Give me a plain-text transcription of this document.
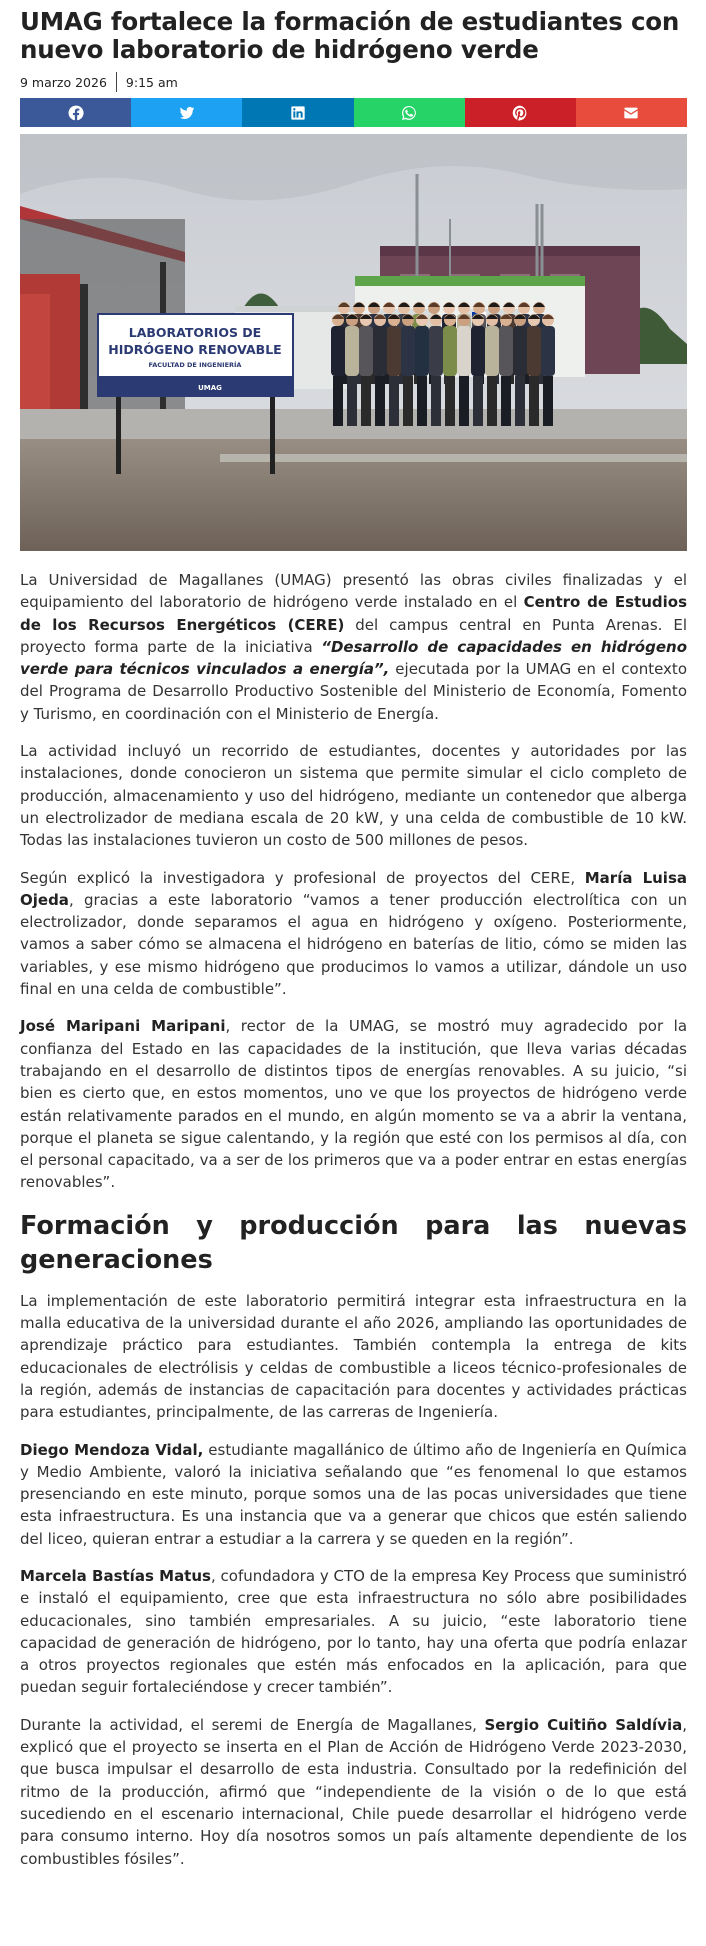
UMAG fortalece la formación de estudiantes con nuevo laboratorio de hidrógeno verde
9 marzo 2026 9:15 am
LABORATORIOS DE
HIDRÓGENO RENOVABLE
FACULTAD DE INGENIERÍA
UMAG

La Universidad de Magallanes (UMAG) presentó las obras civiles finalizadas y el equipamiento del laboratorio de hidrógeno verde instalado en el Centro de Estudios de los Recursos Energéticos (CERE) del campus central en Punta Arenas. El proyecto forma parte de la iniciativa “Desarrollo de capacidades en hidrógeno verde para técnicos vinculados a energía”, ejecutada por la UMAG en el contexto del Programa de Desarrollo Productivo Sostenible del Ministerio de Economía, Fomento y Turismo, en coordinación con el Ministerio de Energía.

La actividad incluyó un recorrido de estudiantes, docentes y autoridades por las instalaciones, donde conocieron un sistema que permite simular el ciclo completo de producción, almacenamiento y uso del hidrógeno, mediante un contenedor que alberga un electrolizador de mediana escala de 20 kW, y una celda de combustible de 10 kW. Todas las instalaciones tuvieron un costo de 500 millones de pesos.

Según explicó la investigadora y profesional de proyectos del CERE, María Luisa Ojeda, gracias a este laboratorio “vamos a tener producción electrolítica con un electrolizador, donde separamos el agua en hidrógeno y oxígeno. Posteriormente, vamos a saber cómo se almacena el hidrógeno en baterías de litio, cómo se miden las variables, y ese mismo hidrógeno que producimos lo vamos a utilizar, dándole un uso final en una celda de combustible”.

José Maripani Maripani, rector de la UMAG, se mostró muy agradecido por la confianza del Estado en las capacidades de la institución, que lleva varias décadas trabajando en el desarrollo de distintos tipos de energías renovables. A su juicio, “si bien es cierto que, en estos momentos, uno ve que los proyectos de hidrógeno verde están relativamente parados en el mundo, en algún momento se va a abrir la ventana, porque el planeta se sigue calentando, y la región que esté con los permisos al día, con el personal capacitado, va a ser de los primeros que va a poder entrar en estas energías renovables”.

Formación y producción para las nuevas generaciones

La implementación de este laboratorio permitirá integrar esta infraestructura en la malla educativa de la universidad durante el año 2026, ampliando las oportunidades de aprendizaje práctico para estudiantes. También contempla la entrega de kits educacionales de electrólisis y celdas de combustible a liceos técnico-profesionales de la región, además de instancias de capacitación para docentes y actividades prácticas para estudiantes, principalmente, de las carreras de Ingeniería.

Diego Mendoza Vidal, estudiante magallánico de último año de Ingeniería en Química y Medio Ambiente, valoró la iniciativa señalando que “es fenomenal lo que estamos presenciando en este minuto, porque somos una de las pocas universidades que tiene esta infraestructura. Es una instancia que va a generar que chicos que estén saliendo del liceo, quieran entrar a estudiar a la carrera y se queden en la región”.

Marcela Bastías Matus, cofundadora y CTO de la empresa Key Process que suministró e instaló el equipamiento, cree que esta infraestructura no sólo abre posibilidades educacionales, sino también empresariales. A su juicio, “este laboratorio tiene capacidad de generación de hidrógeno, por lo tanto, hay una oferta que podría enlazar a otros proyectos regionales que estén más enfocados en la aplicación, para que puedan seguir fortaleciéndose y crecer también”.

Durante la actividad, el seremi de Energía de Magallanes, Sergio Cuitiño Saldívia, explicó que el proyecto se inserta en el Plan de Acción de Hidrógeno Verde 2023-2030, que busca impulsar el desarrollo de esta industria. Consultado por la redefinición del ritmo de la producción, afirmó que “independiente de la visión o de lo que está sucediendo en el escenario internacional, Chile puede desarrollar el hidrógeno verde para consumo interno. Hoy día nosotros somos un país altamente dependiente de los combustibles fósiles”.
